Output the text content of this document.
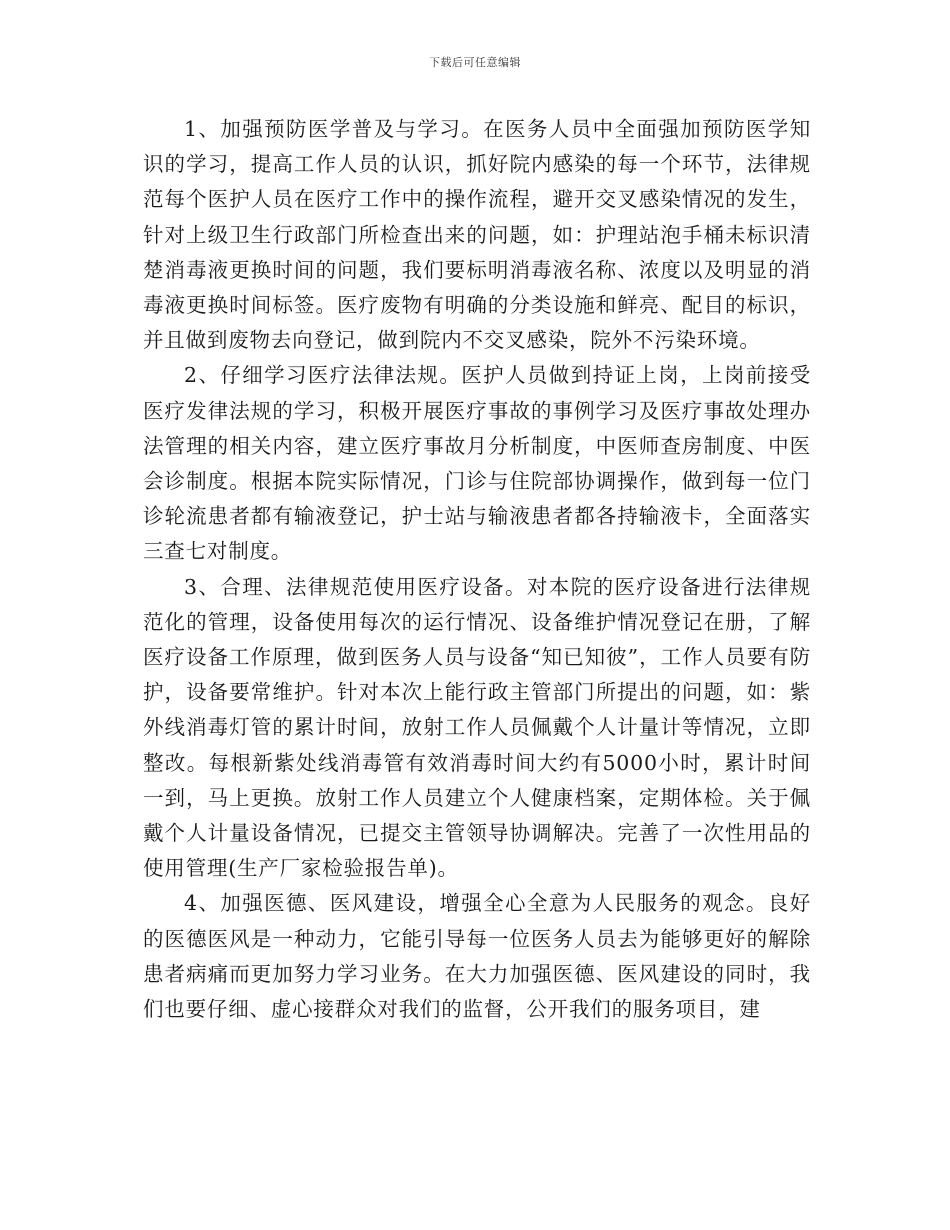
下载后可任意编辑

1、加强预防医学普及与学习。在医务人员中全面强加预防医学知识的学习，提高工作人员的认识，抓好院内感染的每一个环节，法律规范每个医护人员在医疗工作中的操作流程，避开交叉感染情况的发生，针对上级卫生行政部门所检查出来的问题，如：护理站泡手桶未标识清楚消毒液更换时间的问题，我们要标明消毒液名称、浓度以及明显的消毒液更换时间标签。医疗废物有明确的分类设施和鲜亮、配目的标识，并且做到废物去向登记，做到院内不交叉感染，院外不污染环境。

2、仔细学习医疗法律法规。医护人员做到持证上岗，上岗前接受医疗发律法规的学习，积极开展医疗事故的事例学习及医疗事故处理办法管理的相关内容，建立医疗事故月分析制度，中医师查房制度、中医会诊制度。根据本院实际情况，门诊与住院部协调操作，做到每一位门诊轮流患者都有输液登记，护士站与输液患者都各持输液卡，全面落实三查七对制度。

3、合理、法律规范使用医疗设备。对本院的医疗设备进行法律规范化的管理，设备使用每次的运行情况、设备维护情况登记在册，了解医疗设备工作原理，做到医务人员与设备“知已知彼”，工作人员要有防护，设备要常维护。针对本次上能行政主管部门所提出的问题，如：紫外线消毒灯管的累计时间，放射工作人员佩戴个人计量计等情况，立即整改。每根新紫处线消毒管有效消毒时间大约有5000小时，累计时间一到，马上更换。放射工作人员建立个人健康档案，定期体检。关于佩戴个人计量设备情况，已提交主管领导协调解决。完善了一次性用品的使用管理(生产厂家检验报告单)。

4、加强医德、医风建设，增强全心全意为人民服务的观念。良好的医德医风是一种动力，它能引导每一位医务人员去为能够更好的解除患者病痛而更加努力学习业务。在大力加强医德、医风建设的同时，我们也要仔细、虚心接群众对我们的监督，公开我们的服务项目，建
